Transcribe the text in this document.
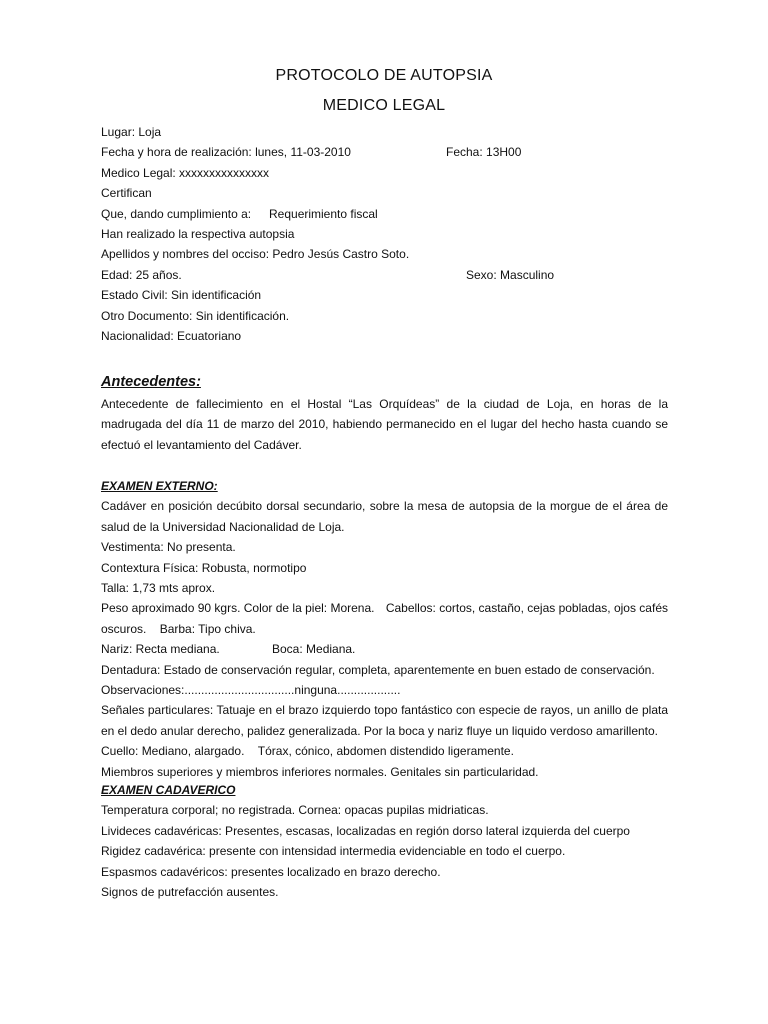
PROTOCOLO DE AUTOPSIA
MEDICO LEGAL
Lugar: Loja
Fecha y hora de realización: lunes, 11-03-2010	Fecha: 13H00
Medico Legal: xxxxxxxxxxxxxxx
Certifican
Que, dando cumplimiento a: Requerimiento fiscal
Han realizado la respectiva autopsia
Apellidos y nombres del occiso: Pedro Jesús Castro Soto.
Edad: 25 años.	Sexo: Masculino
Estado Civil: Sin identificación
Otro Documento: Sin identificación.
Nacionalidad: Ecuatoriano
Antecedentes:
Antecedente de fallecimiento en el Hostal “Las Orquídeas” de la ciudad de Loja, en horas de la madrugada del día 11 de marzo del 2010, habiendo permanecido en el lugar del hecho hasta cuando se efectuó el levantamiento del Cadáver.
EXAMEN EXTERNO:
Cadáver en posición decúbito dorsal secundario, sobre la mesa de autopsia de la morgue de el área de salud de la Universidad Nacionalidad de Loja.
Vestimenta: No presenta.
Contextura Física: Robusta, normotipo
Talla: 1,73 mts aprox.
Peso aproximado 90 kgrs. Color de la piel: Morena. Cabellos: cortos, castaño, cejas pobladas, ojos cafés
oscuros. Barba: Tipo chiva.
Nariz: Recta mediana.	Boca: Mediana.
Dentadura: Estado de conservación regular, completa, aparentemente en buen estado de conservación.
Observaciones:.................................ninguna...................
Señales particulares: Tatuaje en el brazo izquierdo topo fantástico con especie de rayos, un anillo de plata en el dedo anular derecho, palidez generalizada. Por la boca y nariz fluye un liquido verdoso amarillento.
Cuello: Mediano, alargado. Tórax, cónico, abdomen distendido ligeramente.
Miembros superiores y miembros inferiores normales. Genitales sin particularidad.
EXAMEN CADAVERICO
Temperatura corporal; no registrada. Cornea: opacas pupilas midriaticas.
Livideces cadavéricas: Presentes, escasas, localizadas en región dorso lateral izquierda del cuerpo
Rigidez cadavérica: presente con intensidad intermedia evidenciable en todo el cuerpo.
Espasmos cadavéricos: presentes localizado en brazo derecho.
Signos de putrefacción ausentes.
